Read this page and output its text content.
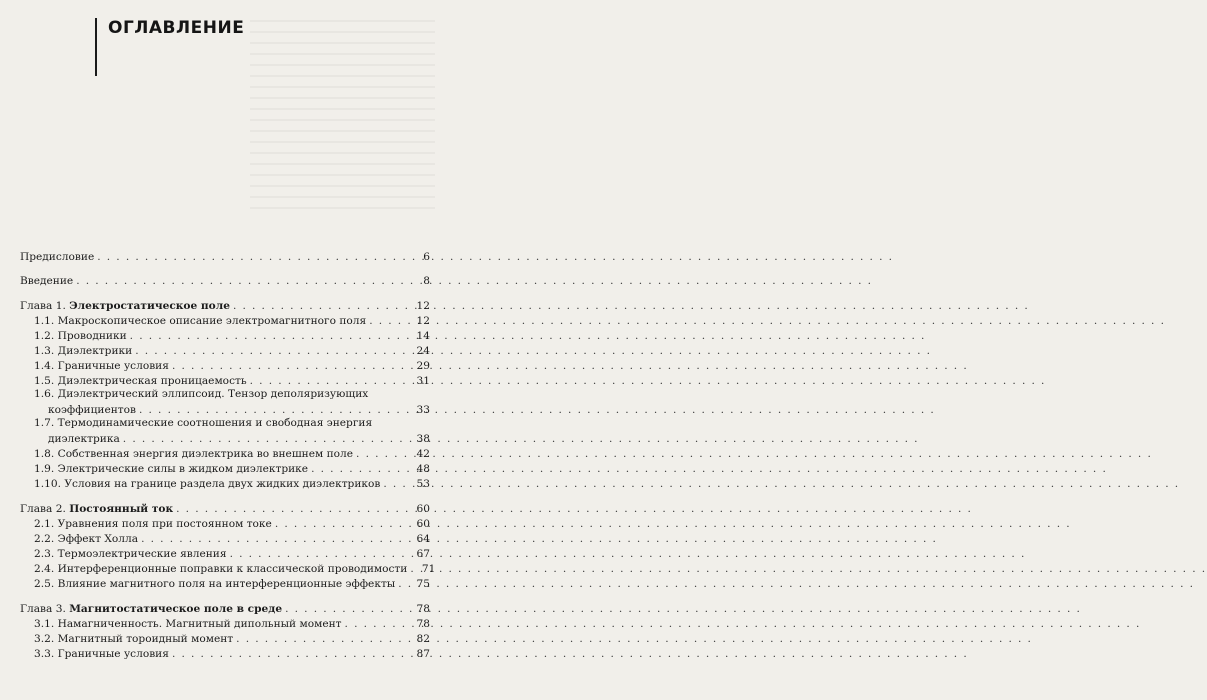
ОГЛАВЛЕНИЕ
Предисловие . . .	6
Введение . . .	8
Глава 1. Электростатическое поле . . .	12
1.1. Макроскопическое описание электромагнитного поля . . .	12
1.2. Проводники . . .	14
1.3. Диэлектрики . . .	24
1.4. Граничные условия . . .	29
1.5. Диэлектрическая проницаемость . . .	31
1.6. Диэлектрический эллипсоид. Тензор деполяризующих
коэффициентов . . .	33
1.7. Термодинамические соотношения и свободная энергия
диэлектрика . . .	38
1.8. Собственная энергия диэлектрика во внешнем поле . . .	42
1.9. Электрические силы в жидком диэлектрике . . .	48
1.10. Условия на границе раздела двух жидких диэлектриков . . .	53
Глава 2. Постоянный ток . . .	60
2.1. Уравнения поля при постоянном токе . . .	60
2.2. Эффект Холла . . .	64
2.3. Термоэлектрические явления . . .	67
2.4. Интерференционные поправки к классической проводимости . . . 71
2.5. Влияние магнитного поля на интерференционные эффекты . . . 75
Глава 3. Магнитостатическое поле в среде . . .	78
3.1. Намагниченность. Магнитный дипольный момент . . .	78
3.2. Магнитный тороидный момент . . .	82
3.3. Граничные условия . . .	87
